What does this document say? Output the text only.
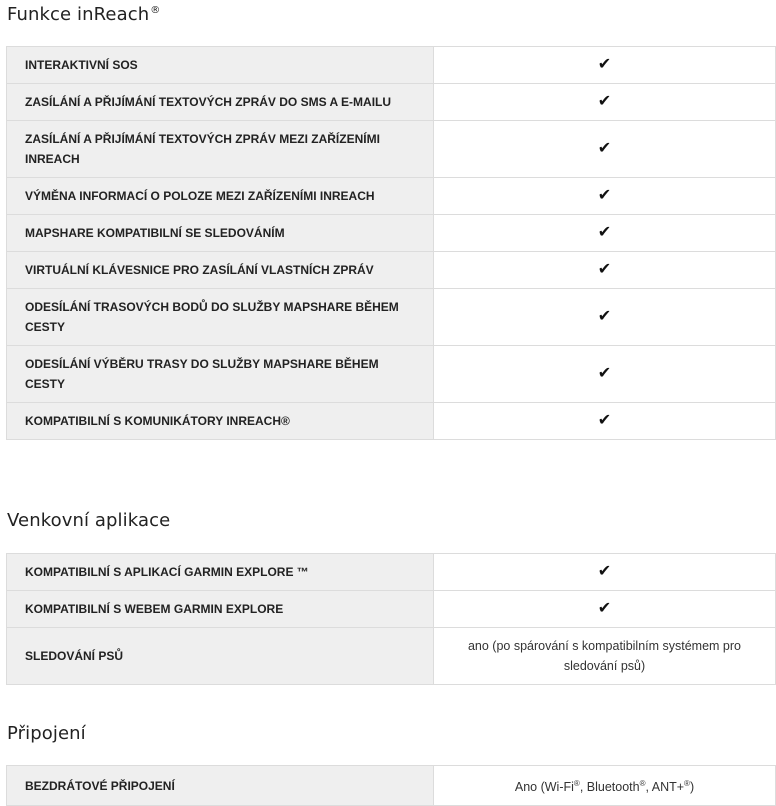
Funkce inReach®
INTERAKTIVNÍ SOS	✔
ZASÍLÁNÍ A PŘIJÍMÁNÍ TEXTOVÝCH ZPRÁV DO SMS A E-MAILU	✔
ZASÍLÁNÍ A PŘIJÍMÁNÍ TEXTOVÝCH ZPRÁV MEZI ZAŘÍZENÍMI INREACH	✔
VÝMĚNA INFORMACÍ O POLOZE MEZI ZAŘÍZENÍMI INREACH	✔
MAPSHARE KOMPATIBILNÍ SE SLEDOVÁNÍM	✔
VIRTUÁLNÍ KLÁVESNICE PRO ZASÍLÁNÍ VLASTNÍCH ZPRÁV	✔
ODESÍLÁNÍ TRASOVÝCH BODŮ DO SLUŽBY MAPSHARE BĚHEM CESTY	✔
ODESÍLÁNÍ VÝBĚRU TRASY DO SLUŽBY MAPSHARE BĚHEM CESTY	✔
KOMPATIBILNÍ S KOMUNIKÁTORY INREACH®	✔
Venkovní aplikace
KOMPATIBILNÍ S APLIKACÍ GARMIN EXPLORE ™	✔
KOMPATIBILNÍ S WEBEM GARMIN EXPLORE	✔
SLEDOVÁNÍ PSŮ	ano (po spárování s kompatibilním systémem pro sledování psů)
Připojení
BEZDRÁTOVÉ PŘIPOJENÍ	Ano (Wi-Fi®, Bluetooth®, ANT+®)
